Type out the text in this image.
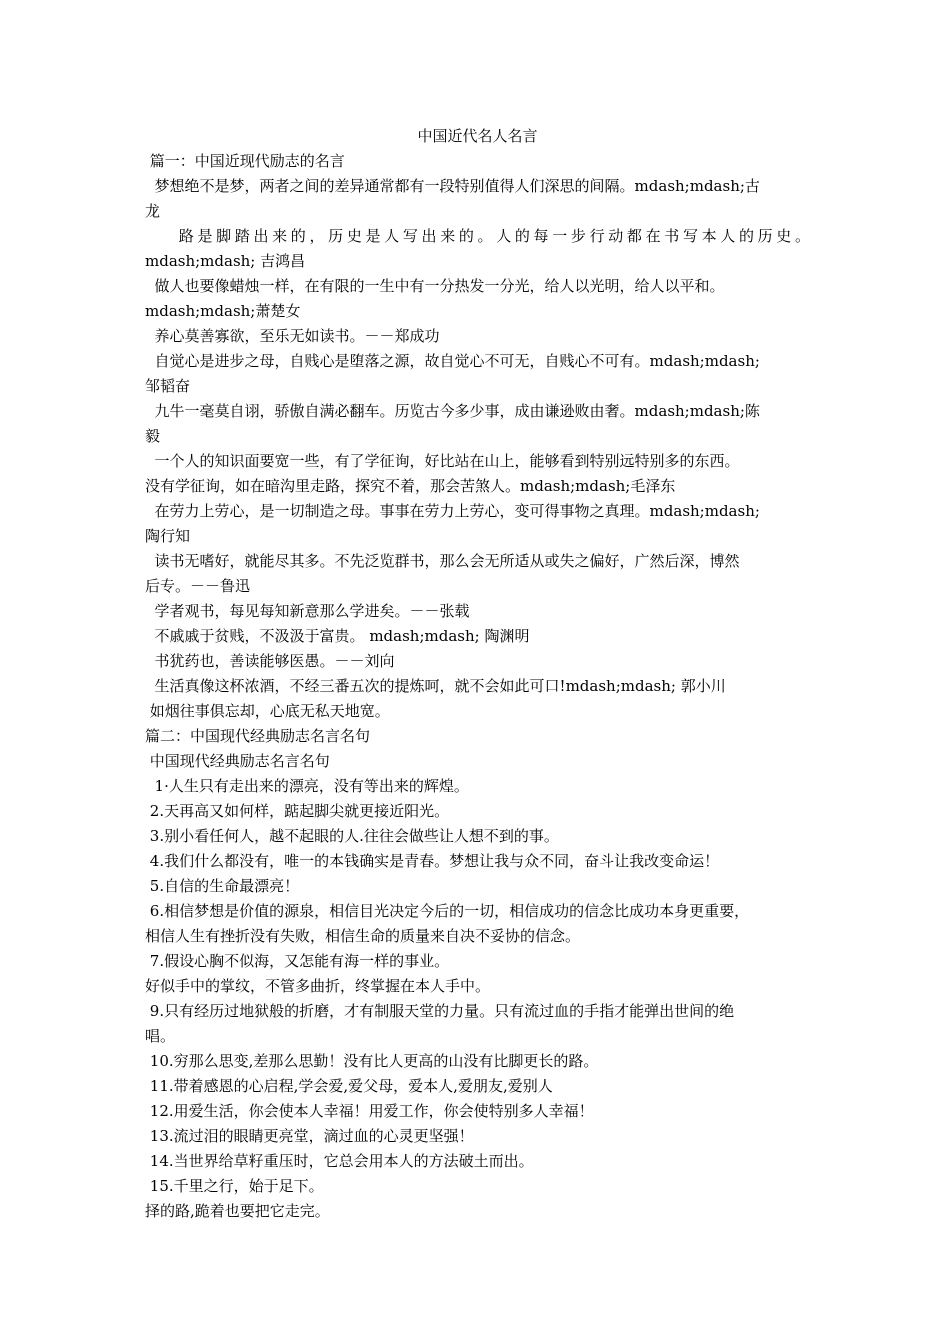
中国近代名人名言

篇一：中国近现代励志的名言

梦想绝不是梦，两者之间的差异通常都有一段特别值得人们深思的间隔。mdash;mdash;古

龙

路是脚踏出来的，历史是人写出来的。人的每一步行动都在书写本人的历史。

mdash;mdash; 吉鸿昌

做人也要像蜡烛一样，在有限的一生中有一分热发一分光，给人以光明，给人以平和。

mdash;mdash;萧楚女

养心莫善寡欲，至乐无如读书。－－郑成功

自觉心是进步之母，自贱心是堕落之源，故自觉心不可无，自贱心不可有。mdash;mdash;

邹韬奋

九牛一毫莫自诩，骄傲自满必翻车。历览古今多少事，成由谦逊败由奢。mdash;mdash;陈

毅

一个人的知识面要宽一些，有了学征询，好比站在山上，能够看到特别远特别多的东西。

没有学征询，如在暗沟里走路，探究不着，那会苦煞人。mdash;mdash;毛泽东

在劳力上劳心，是一切制造之母。事事在劳力上劳心，变可得事物之真理。mdash;mdash;

陶行知

读书无嗜好，就能尽其多。不先泛览群书，那么会无所适从或失之偏好，广然后深，博然

后专。－－鲁迅

学者观书，每见每知新意那么学进矣。－－张载

不戚戚于贫贱，不汲汲于富贵。 mdash;mdash; 陶渊明

书犹药也，善读能够医愚。－－刘向

生活真像这杯浓酒，不经三番五次的提炼呵，就不会如此可口!mdash;mdash; 郭小川

如烟往事俱忘却，心底无私天地宽。

篇二：中国现代经典励志名言名句

中国现代经典励志名言名句

1·人生只有走出来的漂亮，没有等出来的辉煌。

2.天再高又如何样，踮起脚尖就更接近阳光。

3.别小看任何人，越不起眼的人.往往会做些让人想不到的事。

4.我们什么都没有，唯一的本钱确实是青春。梦想让我与众不同，奋斗让我改变命运！

5.自信的生命最漂亮！

6.相信梦想是价值的源泉，相信目光决定今后的一切，相信成功的信念比成功本身更重要，

相信人生有挫折没有失败，相信生命的质量来自决不妥协的信念。

7.假设心胸不似海，又怎能有海一样的事业。

好似手中的掌纹，不管多曲折，终掌握在本人手中。

9.只有经历过地狱般的折磨，才有制服天堂的力量。只有流过血的手指才能弹出世间的绝

唱。

10.穷那么思变,差那么思勤！没有比人更高的山没有比脚更长的路。

11.带着感恩的心启程,学会爱,爱父母，爱本人,爱朋友,爱别人

12.用爱生活，你会使本人幸福！用爱工作，你会使特别多人幸福！

13.流过泪的眼睛更亮堂，滴过血的心灵更坚强！

14.当世界给草籽重压时，它总会用本人的方法破土而出。

15.千里之行，始于足下。

择的路,跪着也要把它走完。
